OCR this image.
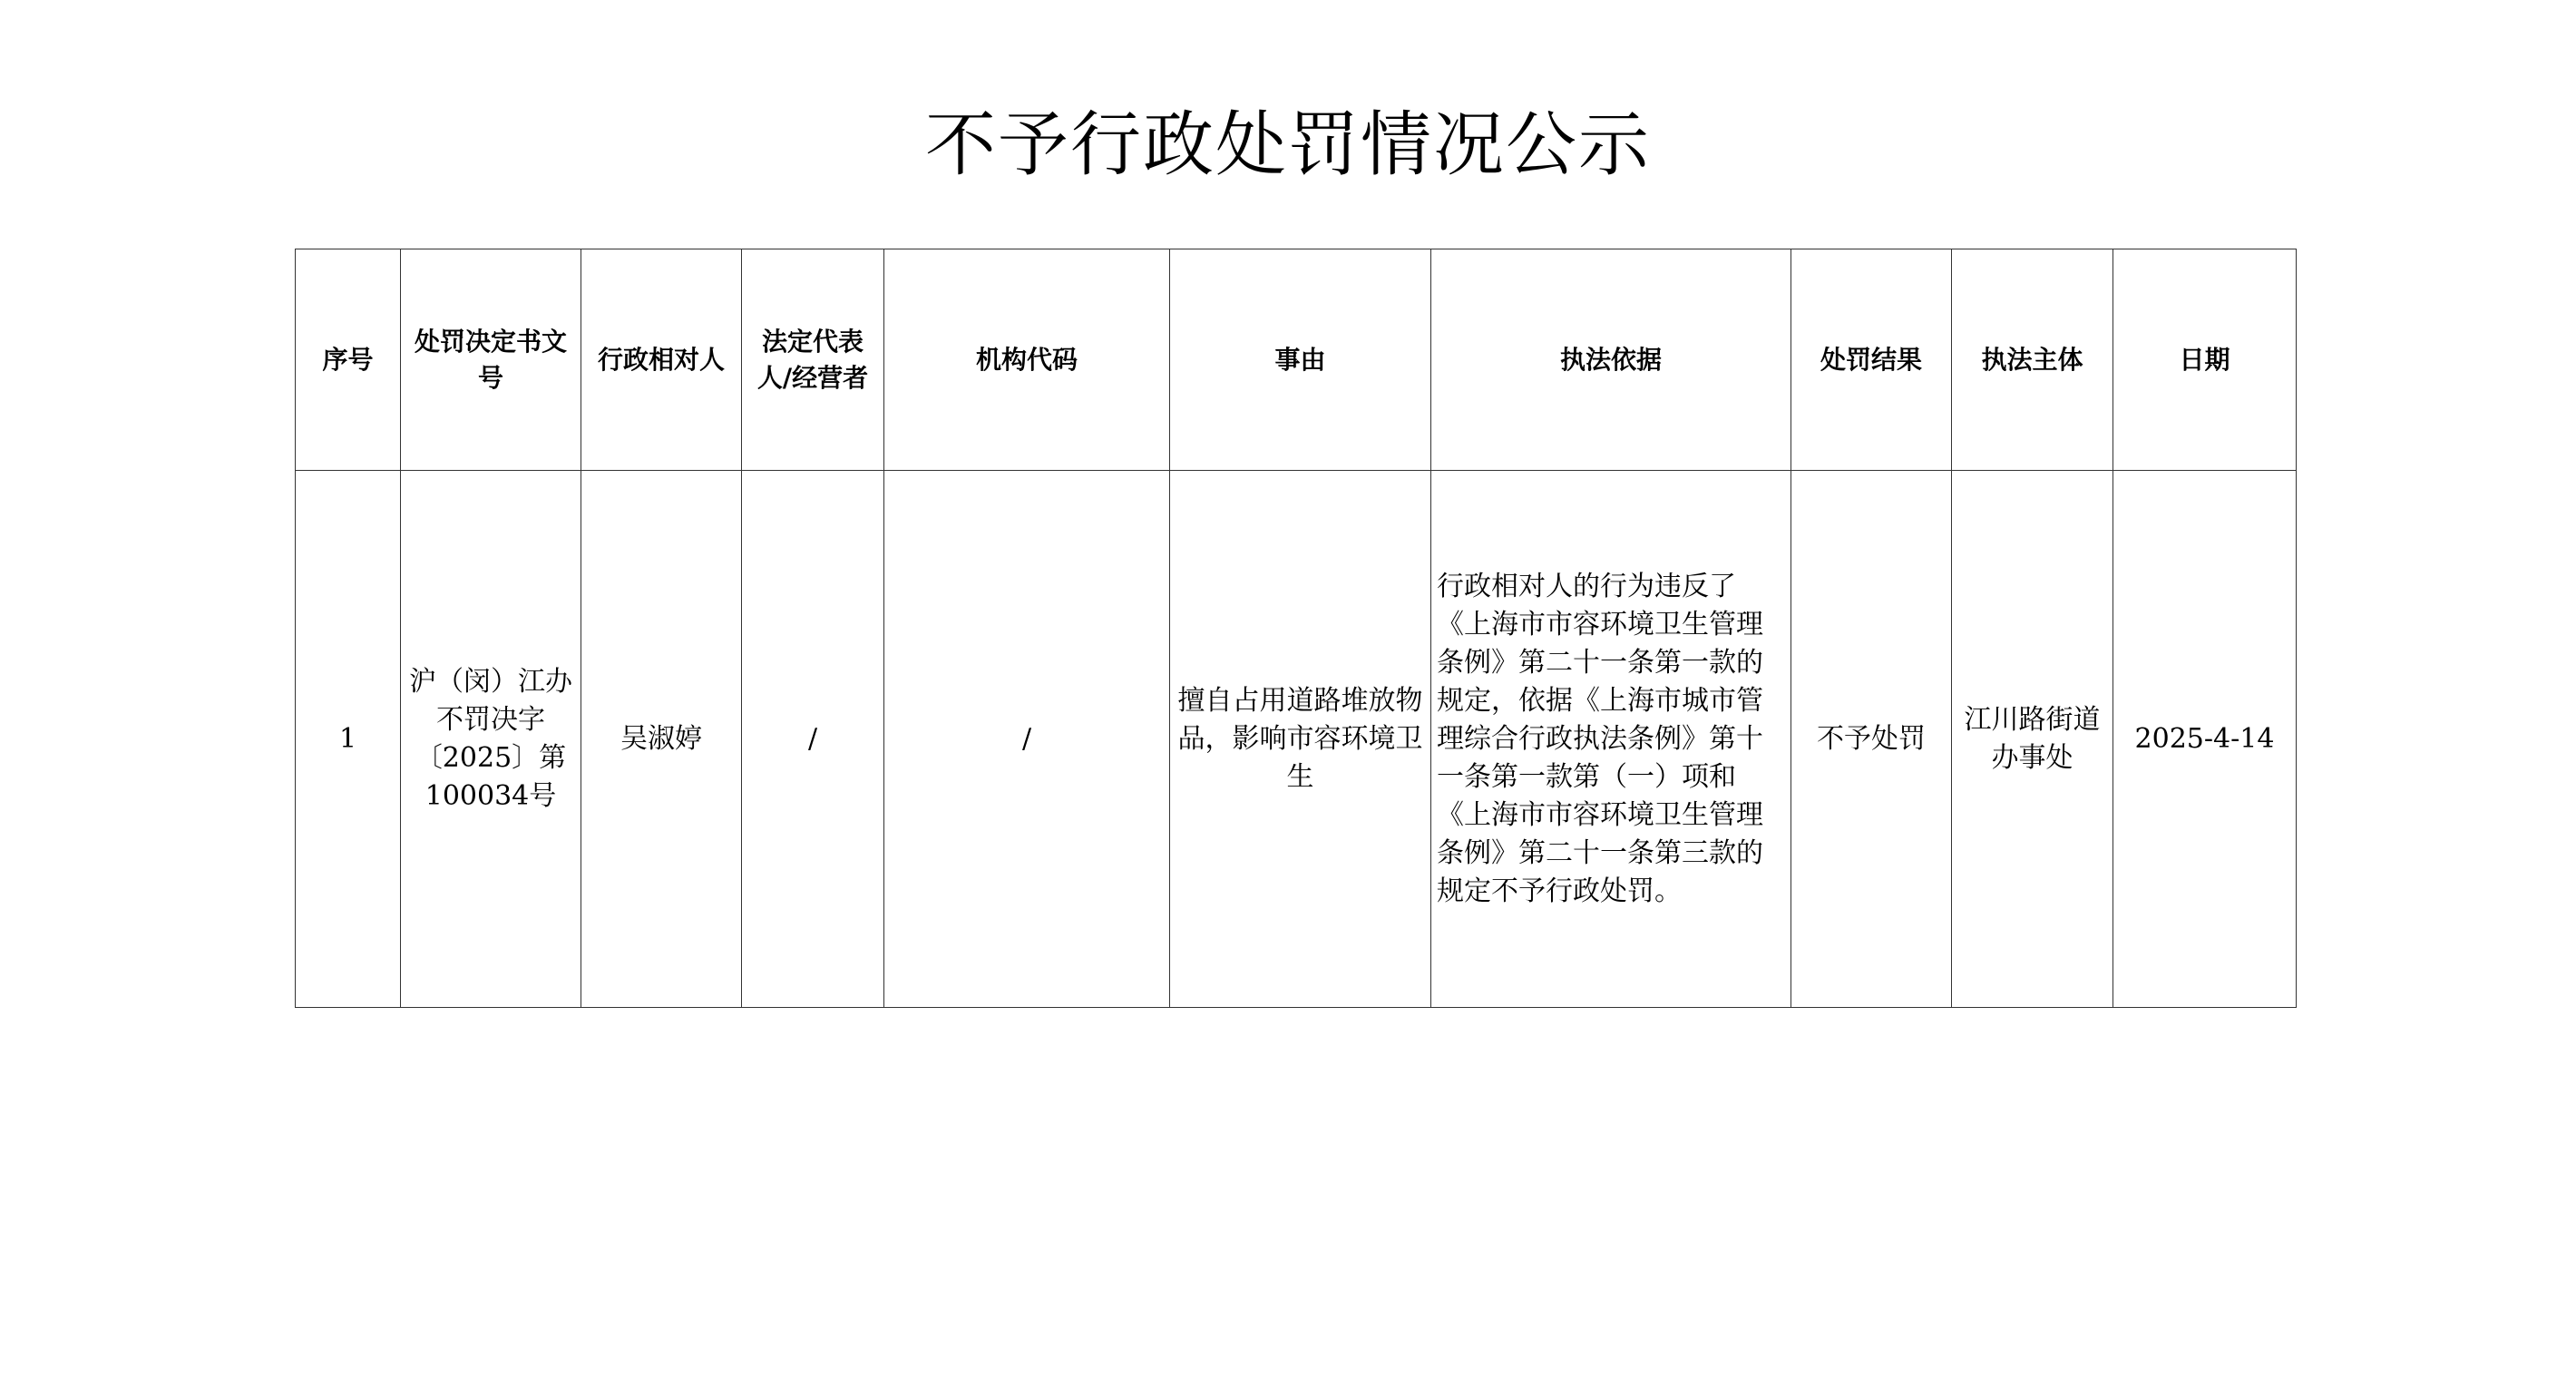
不予行政处罚情况公示
序号	处罚决定书文号	行政相对人	法定代表人/经营者	机构代码	事由	执法依据	处罚结果	执法主体	日期
1	沪（闵）江办不罚决字〔2025〕第100034号	吴淑婷	/	/	擅自占用道路堆放物品，影响市容环境卫生	行政相对人的行为违反了《上海市市容环境卫生管理条例》第二十一条第一款的规定，依据《上海市城市管理综合行政执法条例》第十一条第一款第（一）项和《上海市市容环境卫生管理条例》第二十一条第三款的规定不予行政处罚。	不予处罚	江川路街道办事处	2025-4-14
